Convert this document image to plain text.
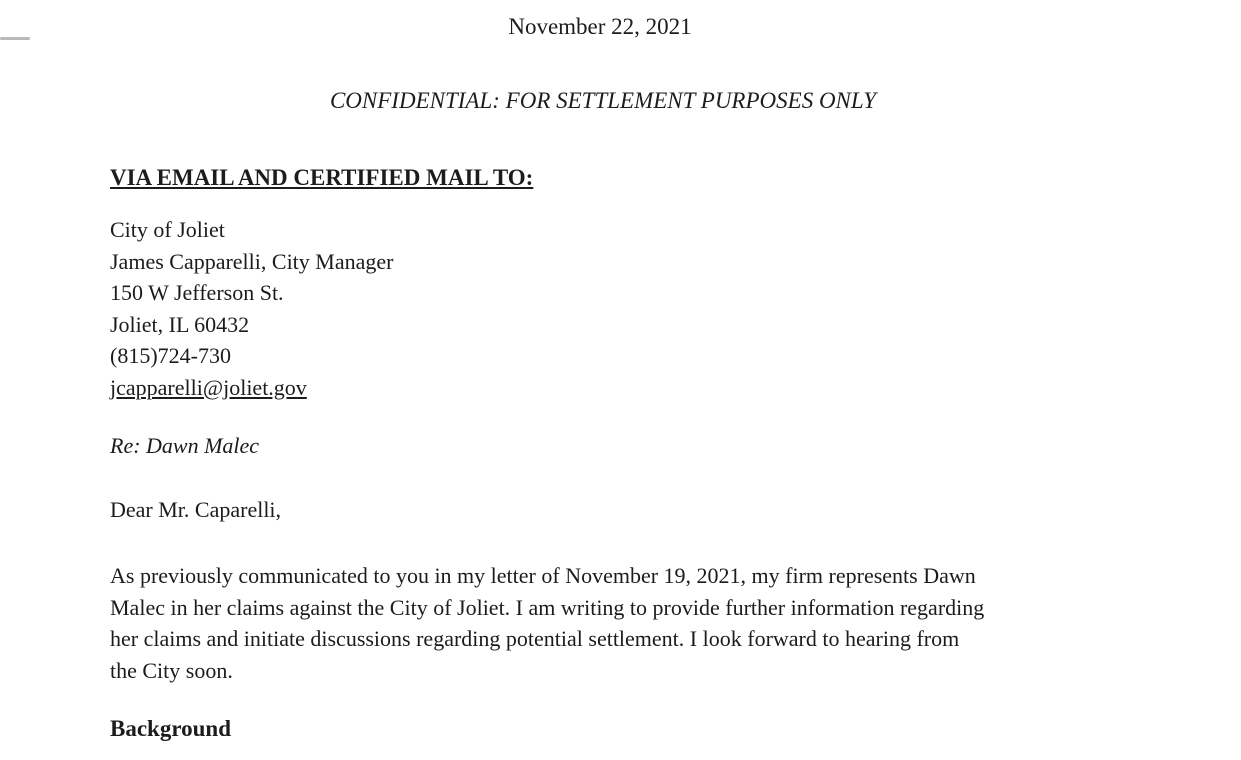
November 22, 2021
CONFIDENTIAL: FOR SETTLEMENT PURPOSES ONLY
VIA EMAIL AND CERTIFIED MAIL TO:
City of Joliet
James Capparelli, City Manager
150 W Jefferson St.
Joliet, IL 60432
(815)724-730
jcapparelli@joliet.gov
Re: Dawn Malec
Dear Mr. Caparelli,
As previously communicated to you in my letter of November 19, 2021, my firm represents Dawn
Malec in her claims against the City of Joliet. I am writing to provide further information regarding
her claims and initiate discussions regarding potential settlement. I look forward to hearing from
the City soon.
Background
